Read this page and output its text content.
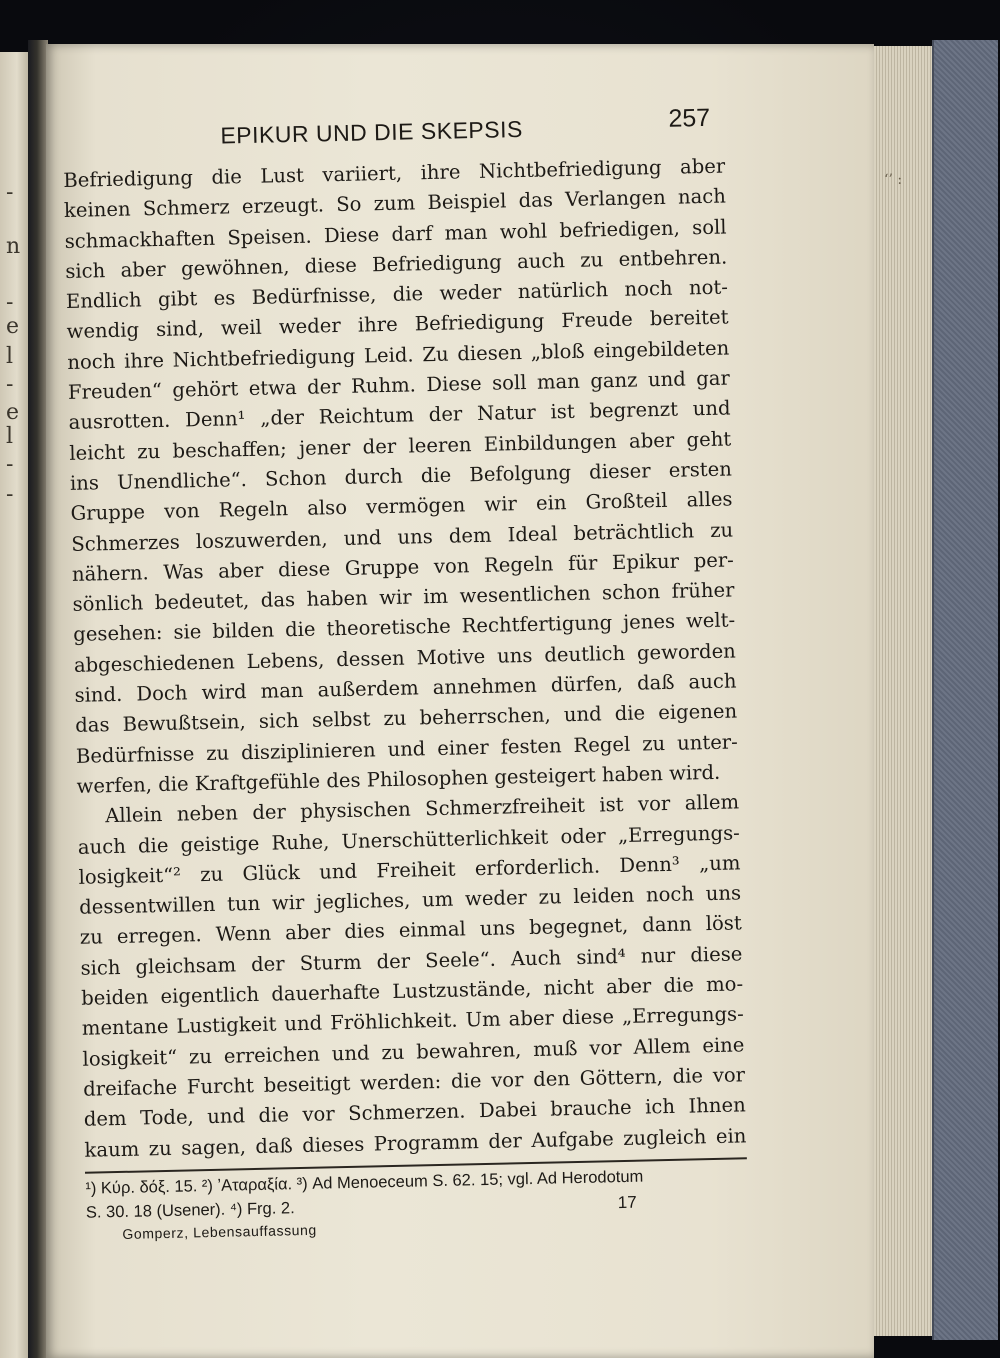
-
n
-
e
l
-
e
l
-
-
‘’ :
EPIKUR UND DIE SKEPSIS	257
Befriedigung die Lust variiert, ihre Nichtbefriedigung aber
keinen Schmerz erzeugt. So zum Beispiel das Verlangen nach
schmackhaften Speisen. Diese darf man wohl befriedigen, soll
sich aber gewöhnen, diese Befriedigung auch zu entbehren.
Endlich gibt es Bedürfnisse, die weder natürlich noch not-
wendig sind, weil weder ihre Befriedigung Freude bereitet
noch ihre Nichtbefriedigung Leid. Zu diesen „bloß eingebildeten
Freuden“ gehört etwa der Ruhm. Diese soll man ganz und gar
ausrotten. Denn¹ „der Reichtum der Natur ist begrenzt und
leicht zu beschaffen; jener der leeren Einbildungen aber geht
ins Unendliche“. Schon durch die Befolgung dieser ersten
Gruppe von Regeln also vermögen wir ein Großteil alles
Schmerzes loszuwerden, und uns dem Ideal beträchtlich zu
nähern. Was aber diese Gruppe von Regeln für Epikur per-
sönlich bedeutet, das haben wir im wesentlichen schon früher
gesehen: sie bilden die theoretische Rechtfertigung jenes welt-
abgeschiedenen Lebens, dessen Motive uns deutlich geworden
sind. Doch wird man außerdem annehmen dürfen, daß auch
das Bewußtsein, sich selbst zu beherrschen, und die eigenen
Bedürfnisse zu disziplinieren und einer festen Regel zu unter-
werfen, die Kraftgefühle des Philosophen gesteigert haben wird.
Allein neben der physischen Schmerzfreiheit ist vor allem
auch die geistige Ruhe, Unerschütterlichkeit oder „Erregungs-
losigkeit“² zu Glück und Freiheit erforderlich. Denn³ „um
dessentwillen tun wir jegliches, um weder zu leiden noch uns
zu erregen. Wenn aber dies einmal uns begegnet, dann löst
sich gleichsam der Sturm der Seele“. Auch sind⁴ nur diese
beiden eigentlich dauerhafte Lustzustände, nicht aber die mo-
mentane Lustigkeit und Fröhlichkeit. Um aber diese „Erregungs-
losigkeit“ zu erreichen und zu bewahren, muß vor Allem eine
dreifache Furcht beseitigt werden: die vor den Göttern, die vor
dem Tode, und die vor Schmerzen. Dabei brauche ich Ihnen
kaum zu sagen, daß dieses Programm der Aufgabe zugleich ein
¹) Κύρ. δόξ. 15. ²) ʼΑταραξία. ³) Ad Menoeceum S. 62. 15; vgl. Ad Herodotum
S. 30. 18 (Usener). ⁴) Frg. 2.
Gomperz, Lebensauffassung
17
